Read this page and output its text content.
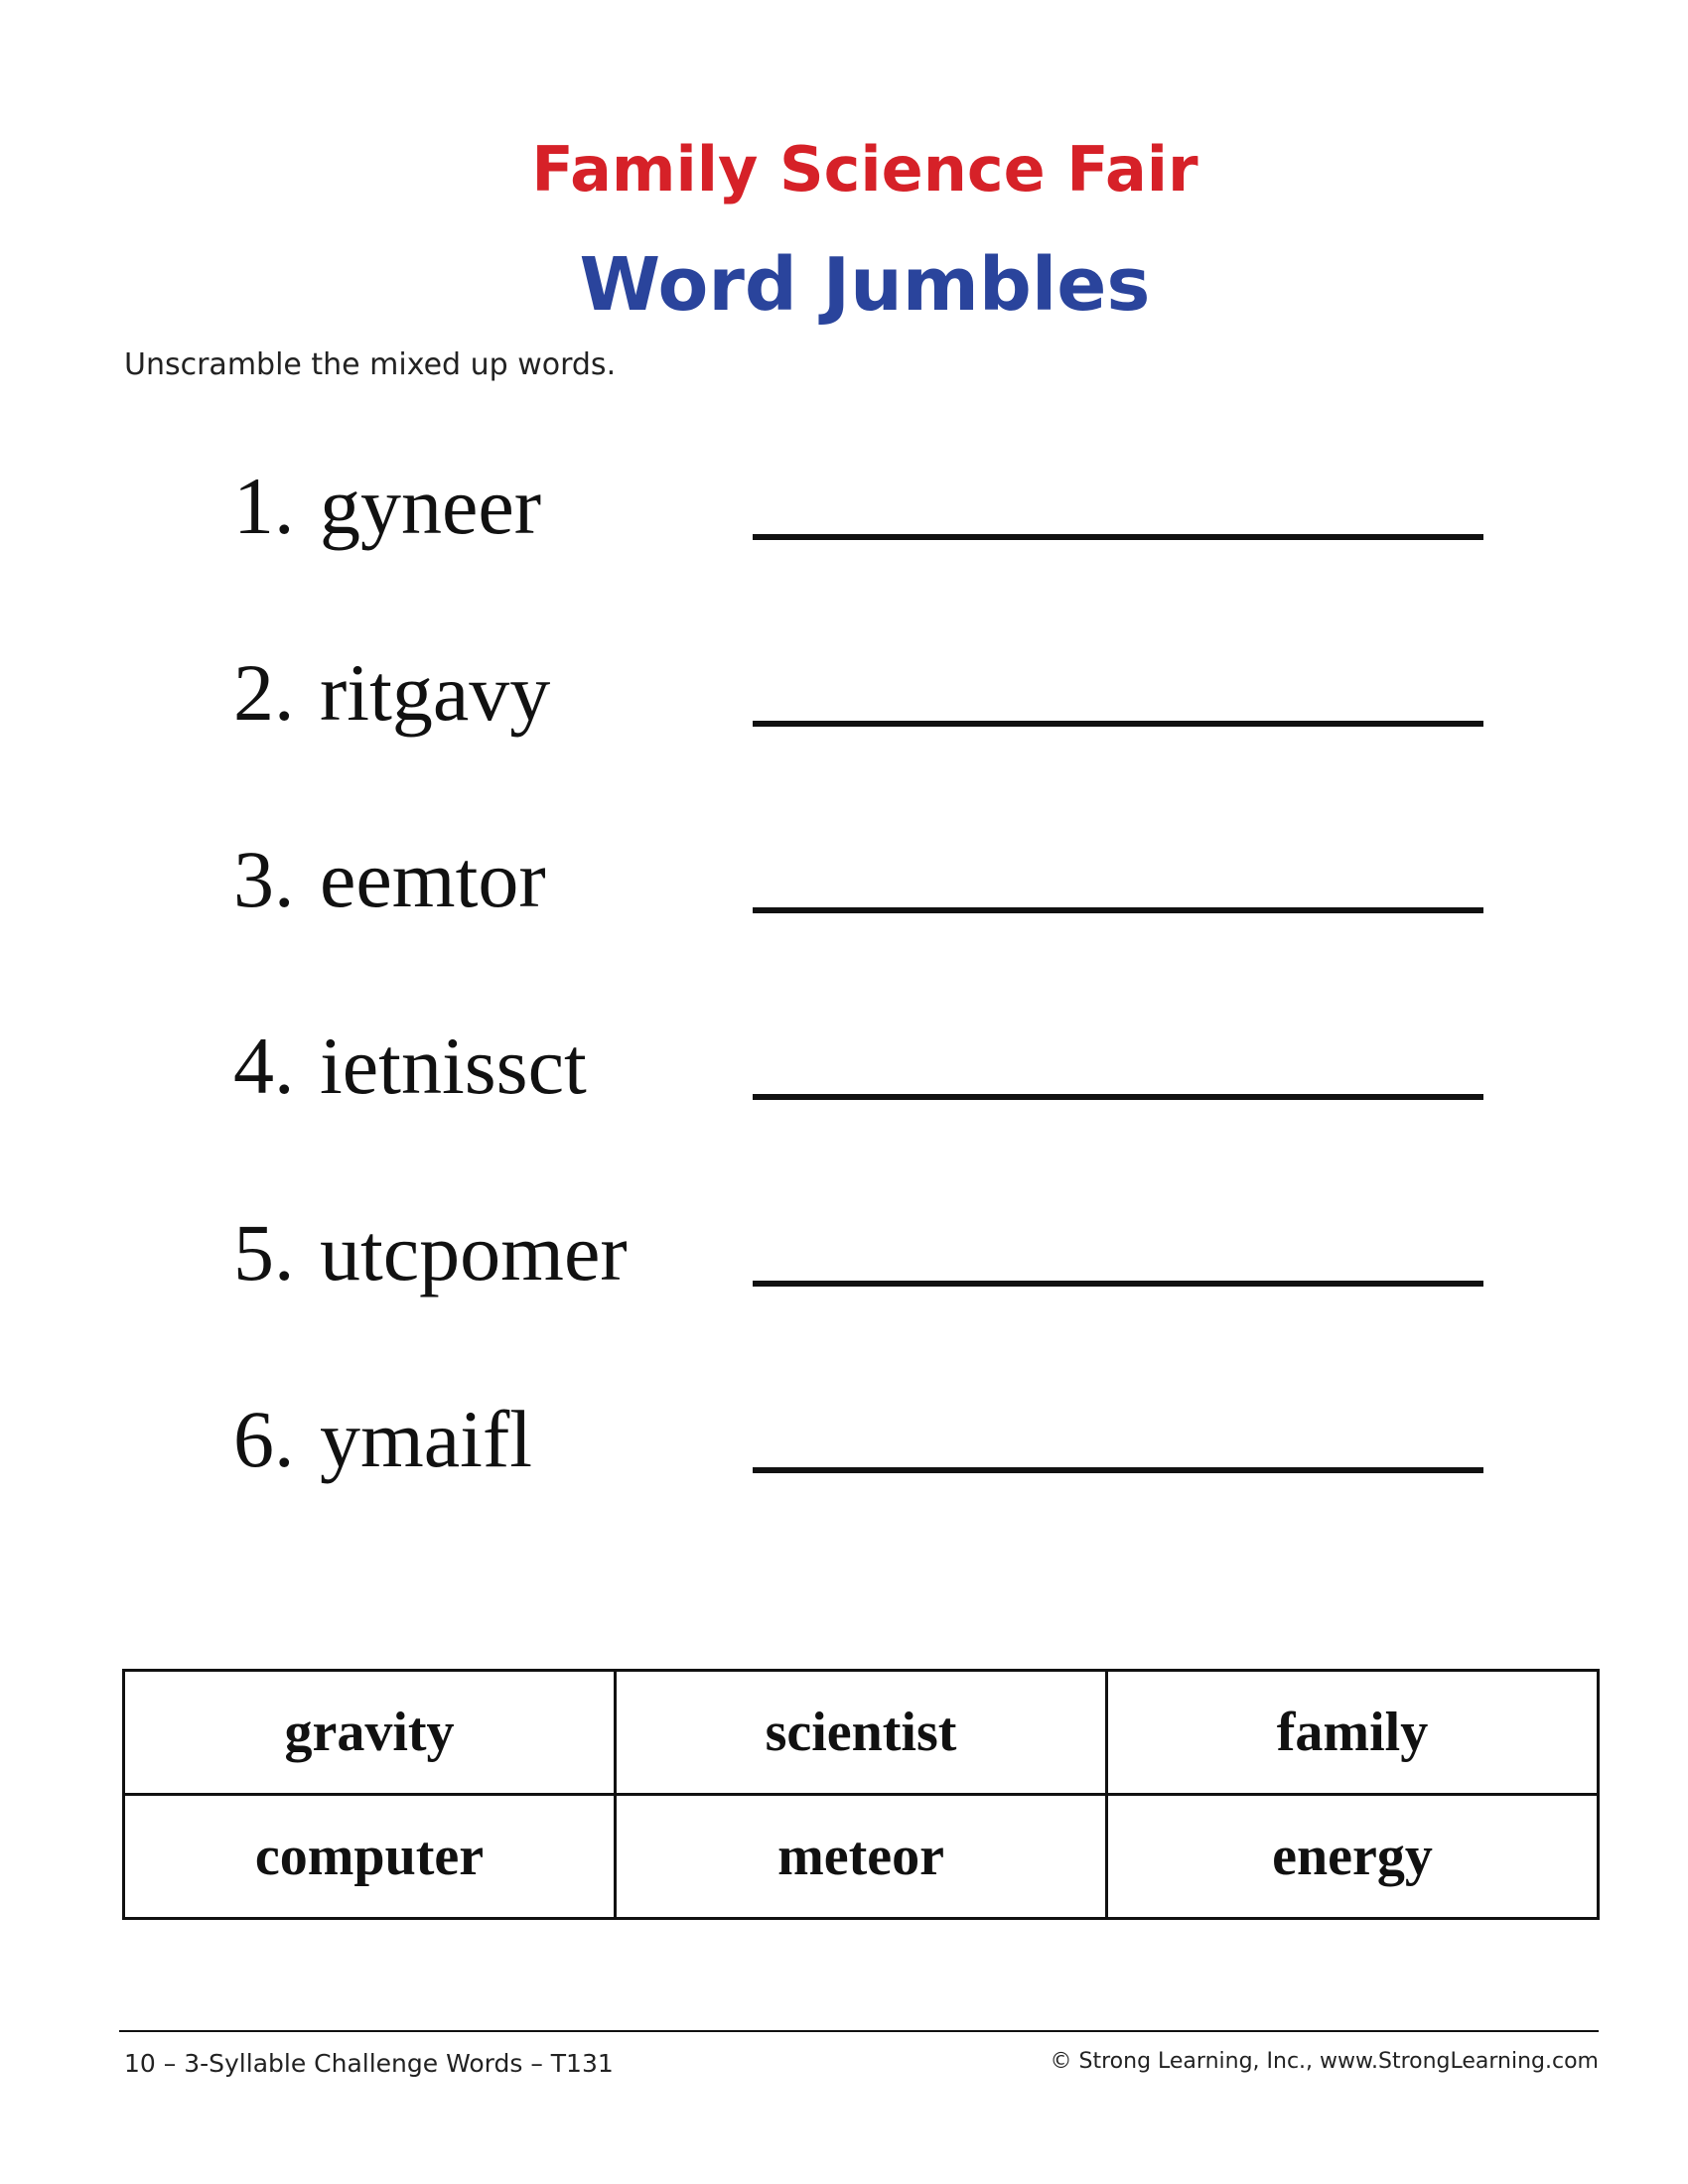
Family Science Fair
Word Jumbles

Unscramble the mixed up words.

1. gyneer
2. ritgavy
3. eemtor
4. ietnissct
5. utcpomer
6. ymaifl
gravity	scientist	family
computer	meteor	energy

10 – 3-Syllable Challenge Words – T131	© Strong Learning, Inc., www.StrongLearning.com
